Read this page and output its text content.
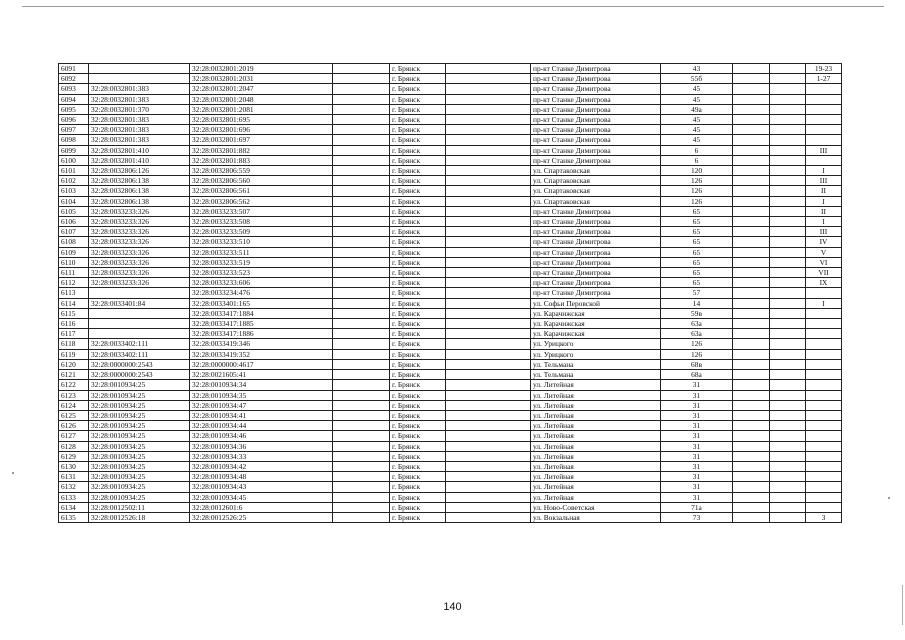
6091		32:28:0032801:2019		г. Брянск		пр-кт Станке Димитрова	43			19-23
6092		32:28:0032801:2031		г. Брянск		пр-кт Станке Димитрова	55б			1-27
6093	32:28:0032801:383	32:28:0032801:2047		г. Брянск		пр-кт Станке Димитрова	45			
6094	32:28:0032801:383	32:28:0032801:2048		г. Брянск		пр-кт Станке Димитрова	45			
6095	32:28:0032801:370	32:28:0032801:2081		г. Брянск		пр-кт Станке Димитрова	49а			
6096	32:28:0032801:383	32:28:0032801:695		г. Брянск		пр-кт Станке Димитрова	45			
6097	32:28:0032801:383	32:28:0032801:696		г. Брянск		пр-кт Станке Димитрова	45			
6098	32:28:0032801:383	32:28:0032801:697		г. Брянск		пр-кт Станке Димитрова	45			
6099	32:28:0032801:410	32:28:0032801:882		г. Брянск		пр-кт Станке Димитрова	6			III
6100	32:28:0032801:410	32:28:0032801:883		г. Брянск		пр-кт Станке Димитрова	6			
6101	32:28:0032806:126	32:28:0032806:559		г. Брянск		ул. Спартаковская	120			I
6102	32:28:0032806:138	32:28:0032806:560		г. Брянск		ул. Спартаковская	126			III
6103	32:28:0032806:138	32:28:0032806:561		г. Брянск		ул. Спартаковская	126			II
6104	32:28:0032806:138	32:28:0032806:562		г. Брянск		ул. Спартаковская	126			I
6105	32:28:0033233:326	32:28:0033233:507		г. Брянск		пр-кт Станке Димитрова	65			II
6106	32:28:0033233:326	32:28:0033233:508		г. Брянск		пр-кт Станке Димитрова	65			I
6107	32:28:0033233:326	32:28:0033233:509		г. Брянск		пр-кт Станке Димитрова	65			III
6108	32:28:0033233:326	32:28:0033233:510		г. Брянск		пр-кт Станке Димитрова	65			IV
6109	32:28:0033233:326	32:28:0033233:511		г. Брянск		пр-кт Станке Димитрова	65			V
6110	32:28:0033233:326	32:28:0033233:519		г. Брянск		пр-кт Станке Димитрова	65			VI
6111	32:28:0033233:326	32:28:0033233:523		г. Брянск		пр-кт Станке Димитрова	65			VII
6112	32:28:0033233:326	32:28:0033233:606		г. Брянск		пр-кт Станке Димитрова	65			IX
6113		32:28:0033234:476		г. Брянск		пр-кт Станке Димитрова	57			
6114	32:28:0033401:84	32:28:0033401:165		г. Брянск		ул. Софьи Перовской	14			I
6115		32:28:0033417:1884		г. Брянск		ул. Карачижская	59в			
6116		32:28:0033417:1885		г. Брянск		ул. Карачижская	63а			
6117		32:28:0033417:1886		г. Брянск		ул. Карачижская	63а			
6118	32:28:0033402:111	32:28:0033419:346		г. Брянск		ул. Урицкого	126			
6119	32:28:0033402:111	32:28:0033419:352		г. Брянск		ул. Урицкого	126			
6120	32:28:0000000:2543	32:28:0000000:4617		г. Брянск		ул. Тельмана	68в			
6121	32:28:0000000:2543	32:28:0021605:41		г. Брянск		ул. Тельмана	68а			
6122	32:28:0010934:25	32:28:0010934:34		г. Брянск		ул. Литейная	31			
6123	32:28:0010934:25	32:28:0010934:35		г. Брянск		ул. Литейная	31			
6124	32:28:0010934:25	32:28:0010934:47		г. Брянск		ул. Литейная	31			
6125	32:28:0010934:25	32:28:0010934:41		г. Брянск		ул. Литейная	31			
6126	32:28:0010934:25	32:28:0010934:44		г. Брянск		ул. Литейная	31			
6127	32:28:0010934:25	32:28:0010934:46		г. Брянск		ул. Литейная	31			
6128	32:28:0010934:25	32:28:0010934:36		г. Брянск		ул. Литейная	31			
6129	32:28:0010934:25	32:28:0010934:33		г. Брянск		ул. Литейная	31			
6130	32:28:0010934:25	32:28:0010934:42		г. Брянск		ул. Литейная	31			
6131	32:28:0010934:25	32:28:0010934:48		г. Брянск		ул. Литейная	31			
6132	32:28:0010934:25	32:28:0010934:43		г. Брянск		ул. Литейная	31			
6133	32:28:0010934:25	32:28:0010934:45		г. Брянск		ул. Литейная	31			
6134	32:28:0012502:11	32:28:0012601:6		г. Брянск		ул. Ново-Советская	71а			
6135	32:28:0012526:18	32:28:0012526:25		г. Брянск		ул. Вокзальная	73			3
140
